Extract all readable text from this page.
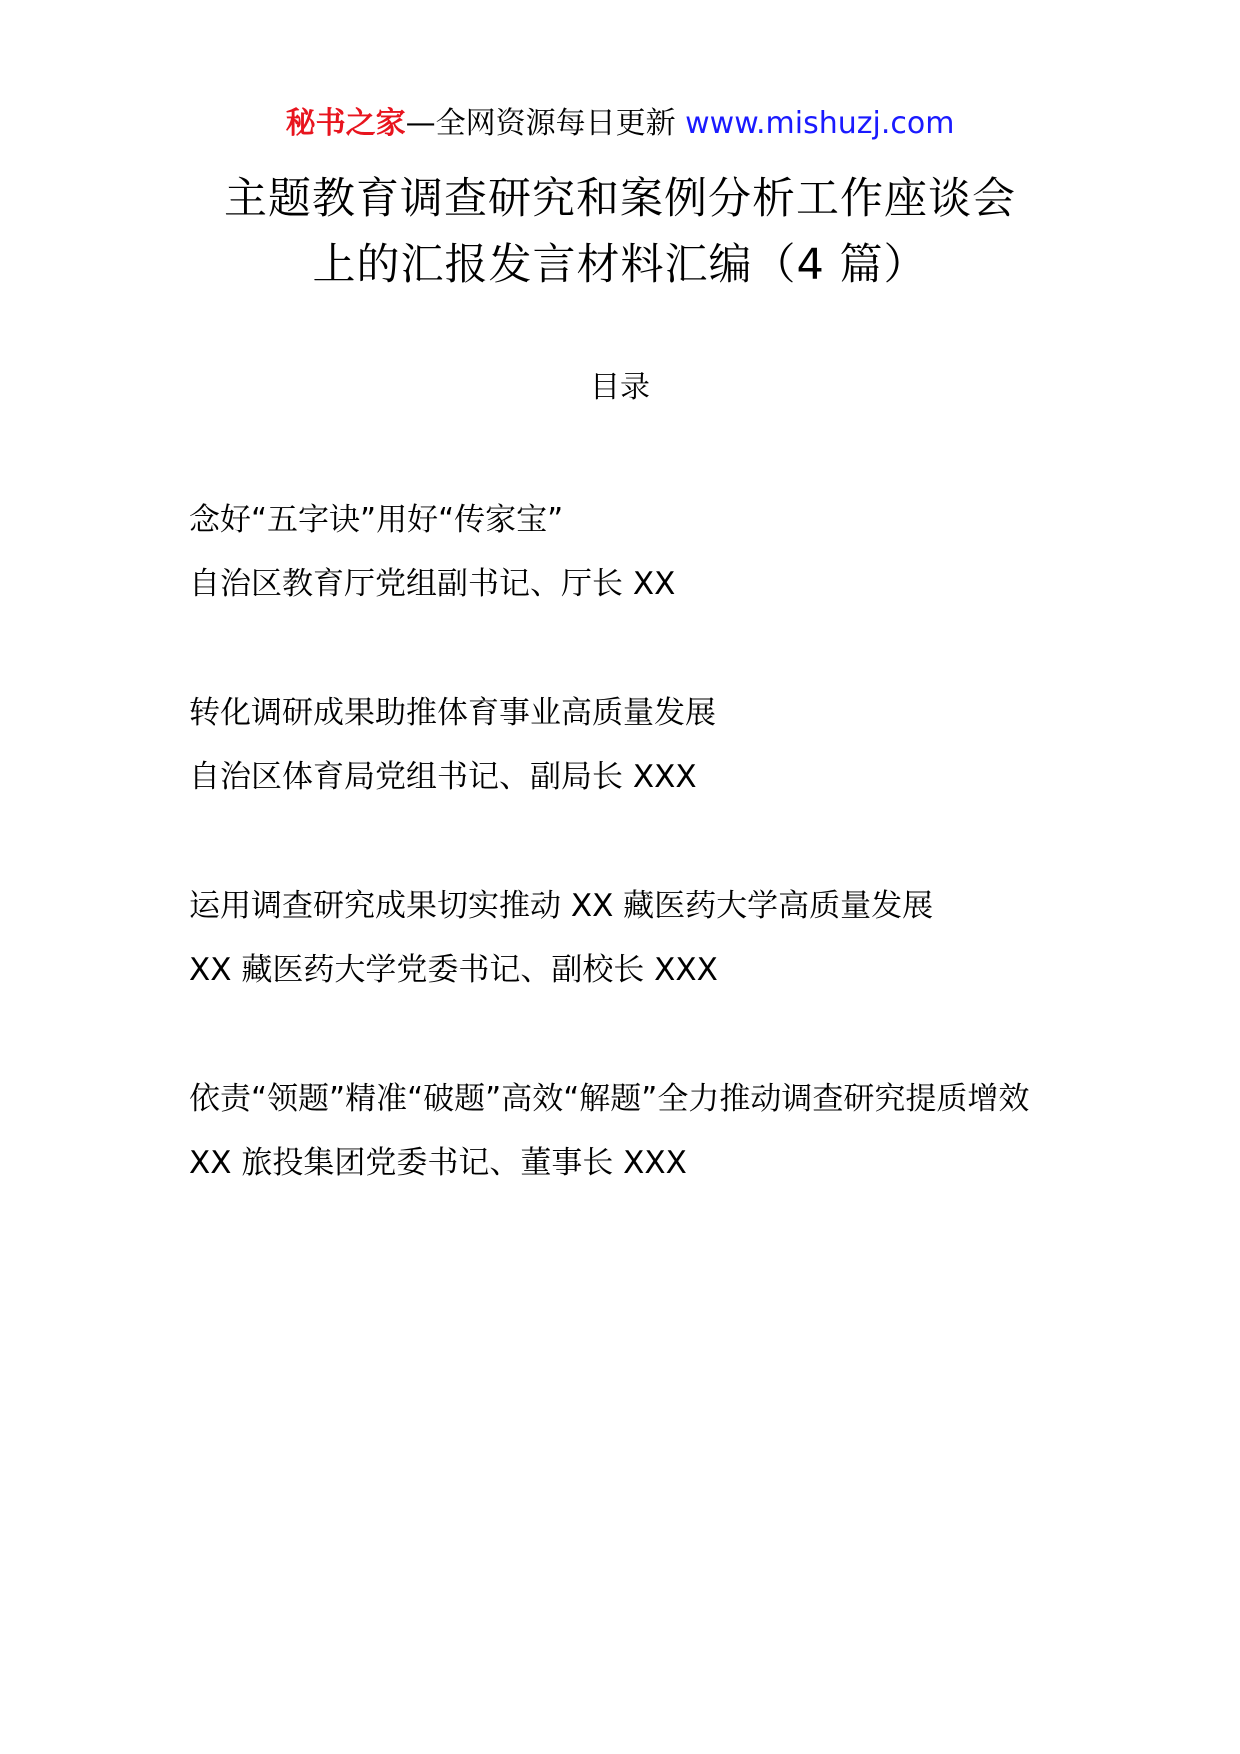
秘书之家—全网资源每日更新 www.mishuzj.com
主题教育调查研究和案例分析工作座谈会
上的汇报发言材料汇编（4 篇）
目录
念好“五字诀”用好“传家宝”
自治区教育厅党组副书记、厅长 XX
转化调研成果助推体育事业高质量发展
自治区体育局党组书记、副局长 XXX
运用调查研究成果切实推动 XX 藏医药大学高质量发展
XX 藏医药大学党委书记、副校长 XXX
依责“领题”精准“破题”高效“解题”全力推动调查研究提质增效
XX 旅投集团党委书记、董事长 XXX
